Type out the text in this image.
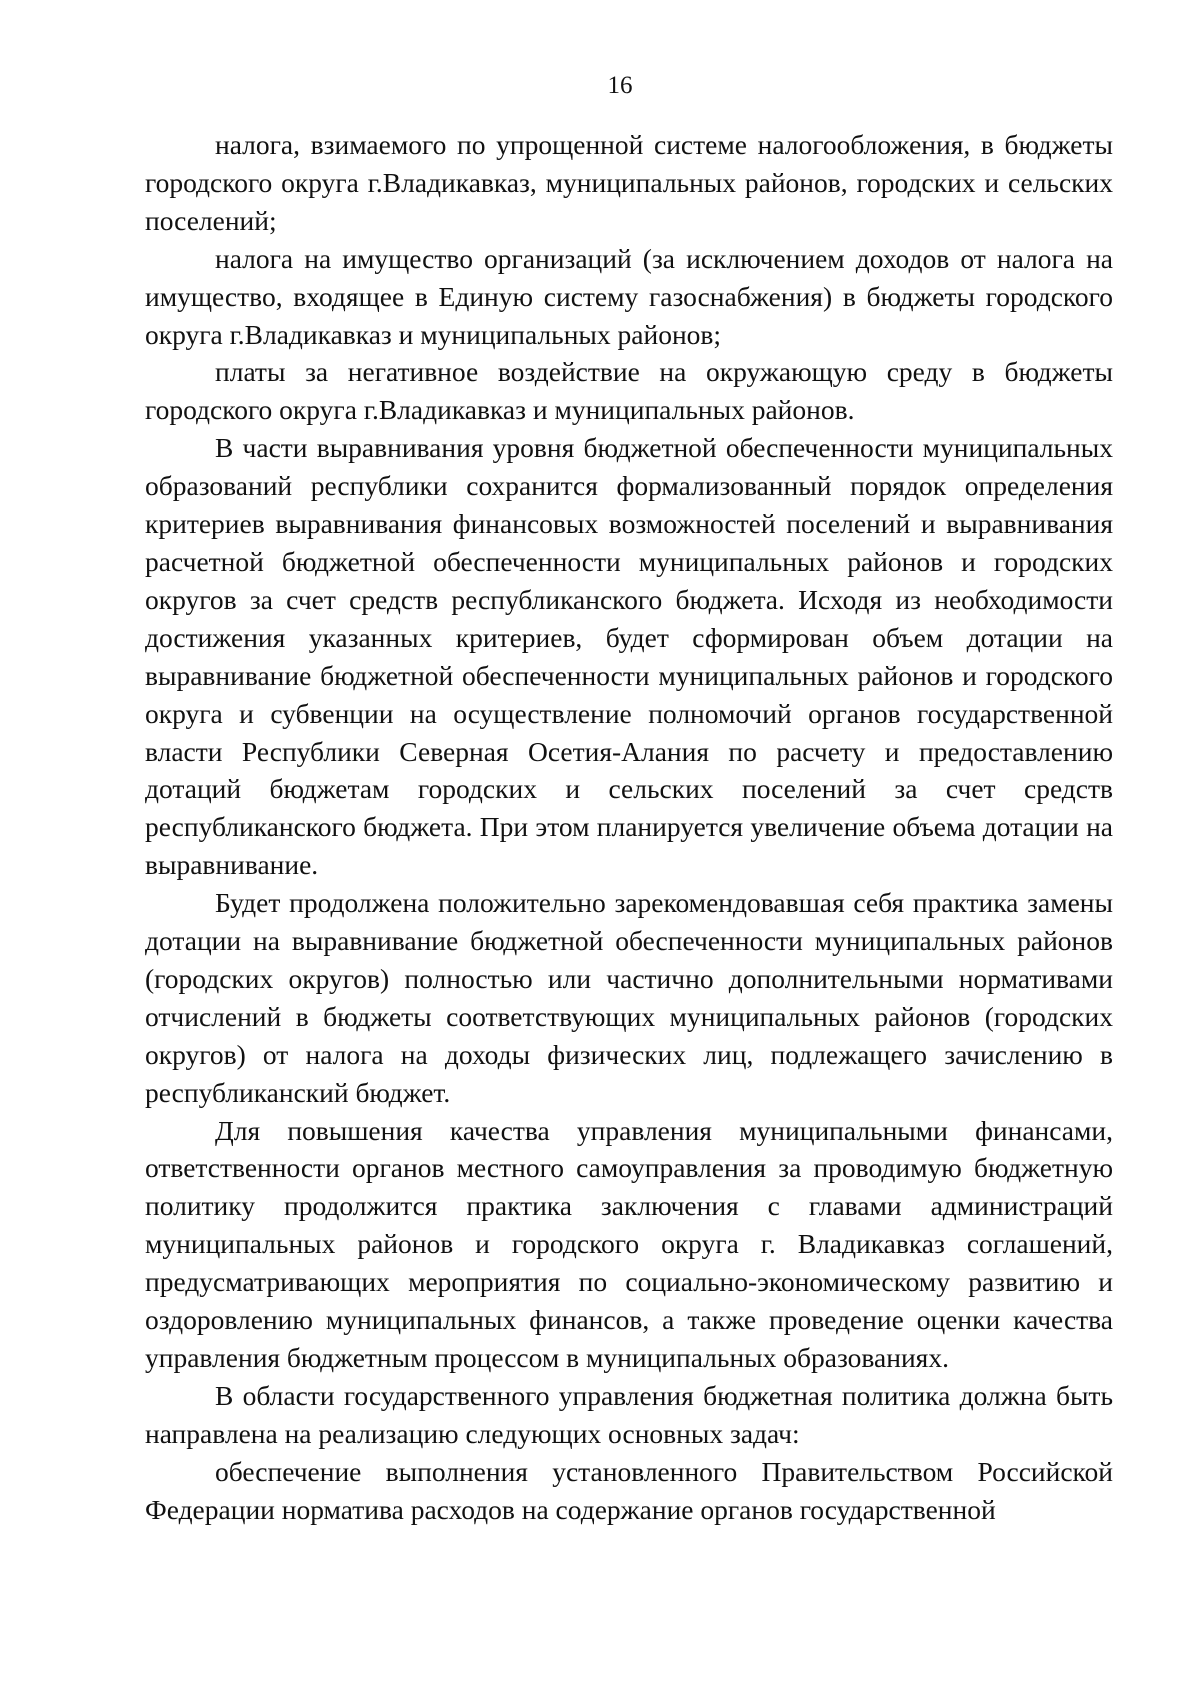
16

налога, взимаемого по упрощенной системе налогообложения, в бюджеты городского округа г.Владикавказ, муниципальных районов, городских и сельских поселений;

налога на имущество организаций (за исключением доходов от налога на имущество, входящее в Единую систему газоснабжения) в бюджеты городского округа г.Владикавказ и муниципальных районов;

платы за негативное воздействие на окружающую среду в бюджеты городского округа г.Владикавказ и муниципальных районов.

В части выравнивания уровня бюджетной обеспеченности муниципальных образований республики сохранится формализованный порядок определения критериев выравнивания финансовых возможностей поселений и выравнивания расчетной бюджетной обеспеченности муниципальных районов и городских округов за счет средств республиканского бюджета. Исходя из необходимости достижения указанных критериев, будет сформирован объем дотации на выравнивание бюджетной обеспеченности муниципальных районов и городского округа и субвенции на осуществление полномочий органов государственной власти Республики Северная Осетия-Алания по расчету и предоставлению дотаций бюджетам городских и сельских поселений за счет средств республиканского бюджета. При этом планируется увеличение объема дотации на выравнивание.

Будет продолжена положительно зарекомендовавшая себя практика замены дотации на выравнивание бюджетной обеспеченности муниципальных районов (городских округов) полностью или частично дополнительными нормативами отчислений в бюджеты соответствующих муниципальных районов (городских округов) от налога на доходы физических лиц, подлежащего зачислению в республиканский бюджет.

Для повышения качества управления муниципальными финансами, ответственности органов местного самоуправления за проводимую бюджетную политику продолжится практика заключения с главами администраций муниципальных районов и городского округа г. Владикавказ соглашений, предусматривающих мероприятия по социально-экономическому развитию и оздоровлению муниципальных финансов, а также проведение оценки качества управления бюджетным процессом в муниципальных образованиях.

В области государственного управления бюджетная политика должна быть направлена на реализацию следующих основных задач:

обеспечение выполнения установленного Правительством Российской Федерации норматива расходов на содержание органов государственной
